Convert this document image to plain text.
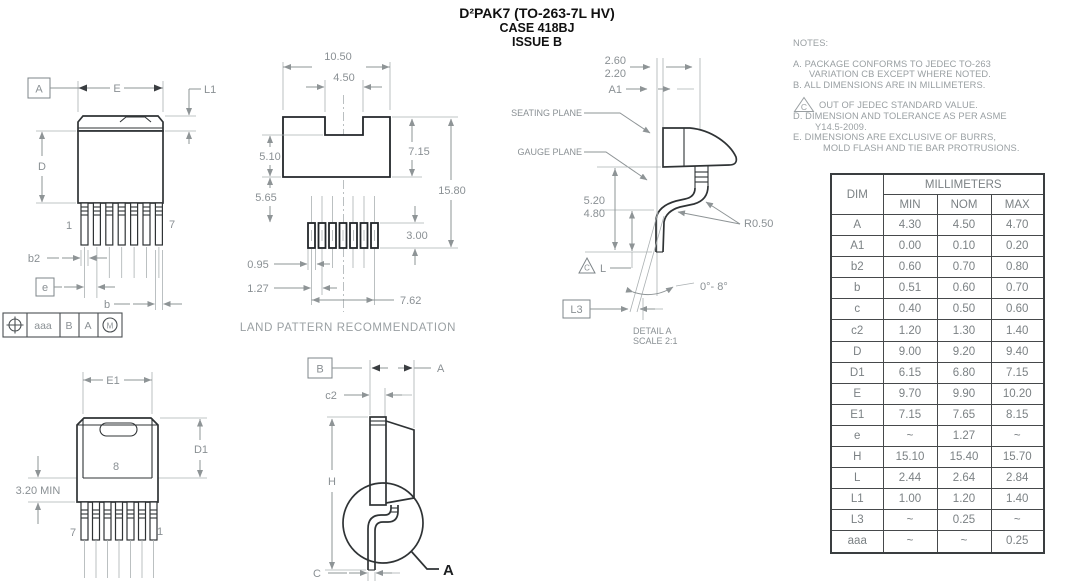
D²PAK7 (TO-263-7L HV)
CASE 418BJ
ISSUE B
A	E	L1
D
1	7
b2
e
b
aaa B A M
10.50
4.50
5.10
5.65
7.15
15.80
3.00
0.95
1.27
7.62
LAND PATTERN RECOMMENDATION
2.60
2.20
A1
SEATING PLANE
GAUGE PLANE
5.20
4.80
R0.50
C L
0°- 8°
L3
DETAIL A
SCALE 2:1
E1
D1
8
3.20 MIN
7	1
B	A
c2
H
C	A
NOTES:
A. PACKAGE CONFORMS TO JEDEC TO-263
VARIATION CB EXCEPT WHERE NOTED.
B. ALL DIMENSIONS ARE IN MILLIMETERS.
C OUT OF JEDEC STANDARD VALUE.
D. DIMENSION AND TOLERANCE AS PER ASME
Y14.5-2009.
E. DIMENSIONS ARE EXCLUSIVE OF BURRS,
MOLD FLASH AND TIE BAR PROTRUSIONS.
DIM	MILLIMETERS		
	MIN	NOM	MAX
A	4.30	4.50	4.70
A1	0.00	0.10	0.20
b2	0.60	0.70	0.80
b	0.51	0.60	0.70
c	0.40	0.50	0.60
c2	1.20	1.30	1.40
D	9.00	9.20	9.40
D1	6.15	6.80	7.15
E	9.70	9.90	10.20
E1	7.15	7.65	8.15
e	~	1.27	~
H	15.10	15.40	15.70
L	2.44	2.64	2.84
L1	1.00	1.20	1.40
L3	~	0.25	~
aaa	~	~	0.25
